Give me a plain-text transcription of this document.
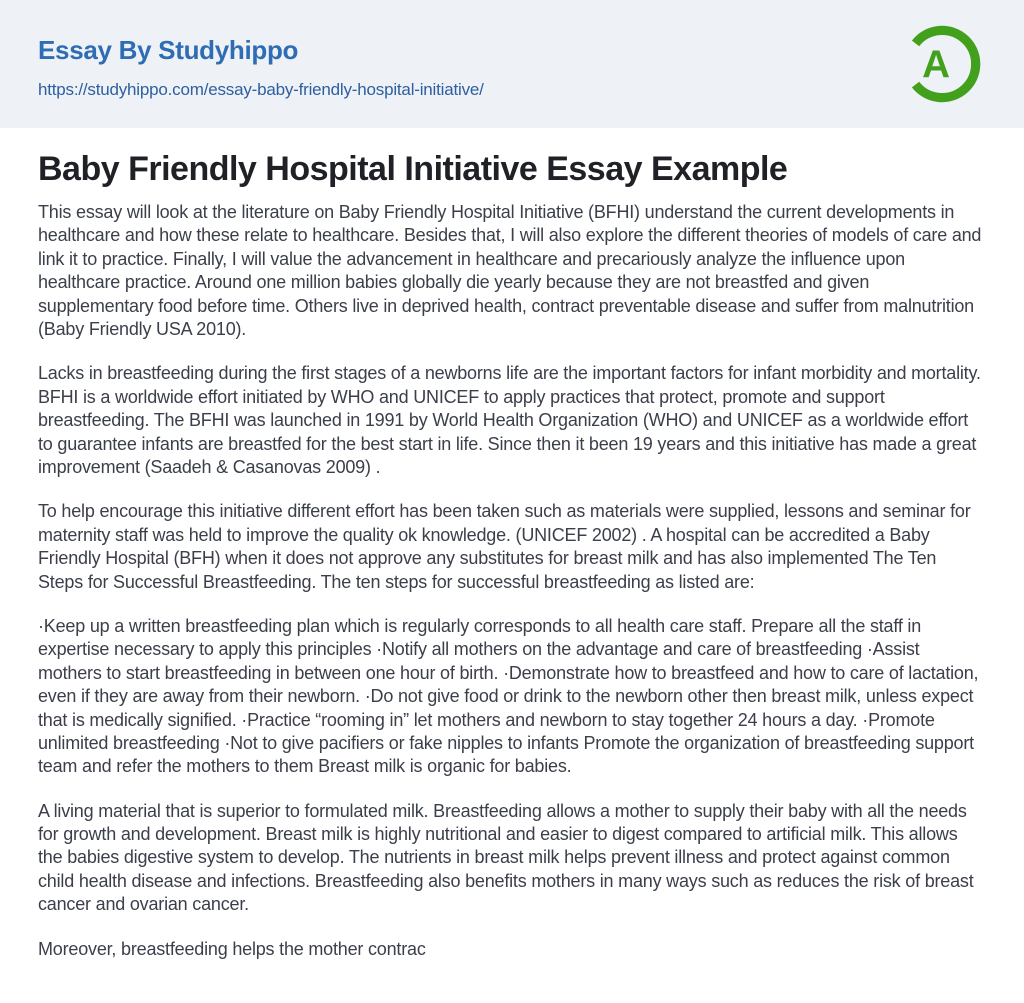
Essay By Studyhippo
https://studyhippo.com/essay-baby-friendly-hospital-initiative/
A
Baby Friendly Hospital Initiative Essay Example

This essay will look at the literature on Baby Friendly Hospital Initiative (BFHI) understand the current developments in healthcare and how these relate to healthcare. Besides that, I will also explore the different theories of models of care and link it to practice. Finally, I will value the advancement in healthcare and precariously analyze the influence upon healthcare practice. Around one million babies globally die yearly because they are not breastfed and given supplementary food before time. Others live in deprived health, contract preventable disease and suffer from malnutrition (Baby Friendly USA 2010).

Lacks in breastfeeding during the first stages of a newborns life are the important factors for infant morbidity and mortality. BFHI is a worldwide effort initiated by WHO and UNICEF to apply practices that protect, promote and support breastfeeding. The BFHI was launched in 1991 by World Health Organization (WHO) and UNICEF as a worldwide effort to guarantee infants are breastfed for the best start in life. Since then it been 19 years and this initiative has made a great improvement (Saadeh & Casanovas 2009) .

To help encourage this initiative different effort has been taken such as materials were supplied, lessons and seminar for maternity staff was held to improve the quality ok knowledge. (UNICEF 2002) . A hospital can be accredited a Baby Friendly Hospital (BFH) when it does not approve any substitutes for breast milk and has also implemented The Ten Steps for Successful Breastfeeding. The ten steps for successful breastfeeding as listed are:

·Keep up a written breastfeeding plan which is regularly corresponds to all health care staff. Prepare all the staff in expertise necessary to apply this principles ·Notify all mothers on the advantage and care of breastfeeding ·Assist mothers to start breastfeeding in between one hour of birth. ·Demonstrate how to breastfeed and how to care of lactation, even if they are away from their newborn. ·Do not give food or drink to the newborn other then breast milk, unless expect that is medically signified. ·Practice “rooming in” let mothers and newborn to stay together 24 hours a day. ·Promote unlimited breastfeeding ·Not to give pacifiers or fake nipples to infants Promote the organization of breastfeeding support team and refer the mothers to them Breast milk is organic for babies.

A living material that is superior to formulated milk. Breastfeeding allows a mother to supply their baby with all the needs for growth and development. Breast milk is highly nutritional and easier to digest compared to artificial milk. This allows the babies digestive system to develop. The nutrients in breast milk helps prevent illness and protect against common child health disease and infections. Breastfeeding also benefits mothers in many ways such as reduces the risk of breast cancer and ovarian cancer.

Moreover, breastfeeding helps the mother contrac
